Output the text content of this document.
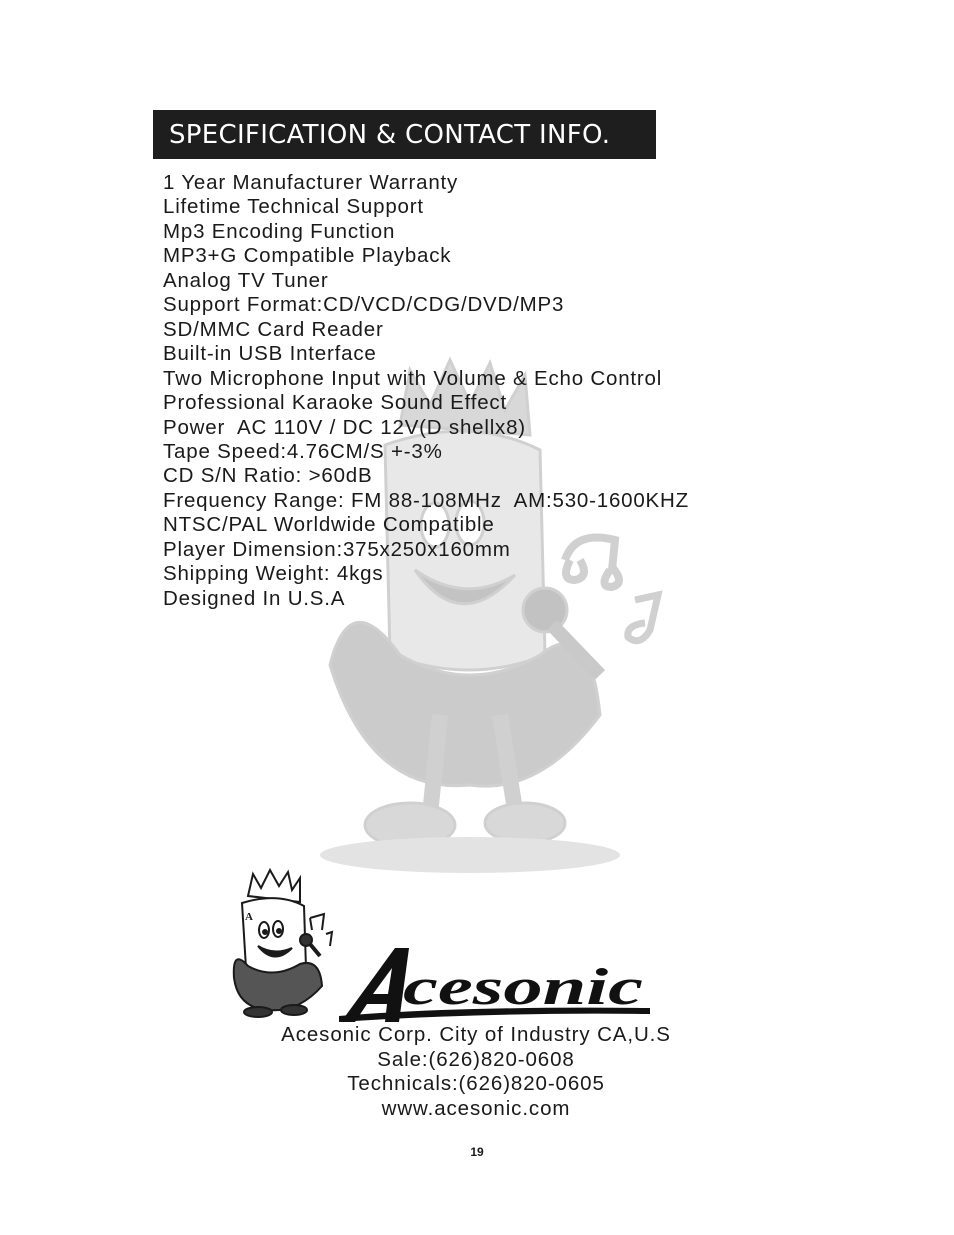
SPECIFICATION & CONTACT INFO.
1 Year Manufacturer Warranty
Lifetime Technical Support
Mp3 Encoding Function
MP3+G Compatible Playback
Analog TV Tuner
Support Format:CD/VCD/CDG/DVD/MP3
SD/MMC Card Reader
Built-in USB Interface
Two Microphone Input with Volume & Echo Control
Professional Karaoke Sound Effect
Power  AC 110V / DC 12V(D shellx8)
Tape Speed:4.76CM/S +-3%
CD S/N Ratio: >60dB
Frequency Range: FM 88-108MHz  AM:530-1600KHZ
NTSC/PAL Worldwide Compatible
Player Dimension:375x250x160mm
Shipping Weight: 4kgs
Designed In U.S.A
A
cesonic
Acesonic Corp. City of Industry CA,U.S
Sale:(626)820-0608
Technicals:(626)820-0605
www.acesonic.com
19
